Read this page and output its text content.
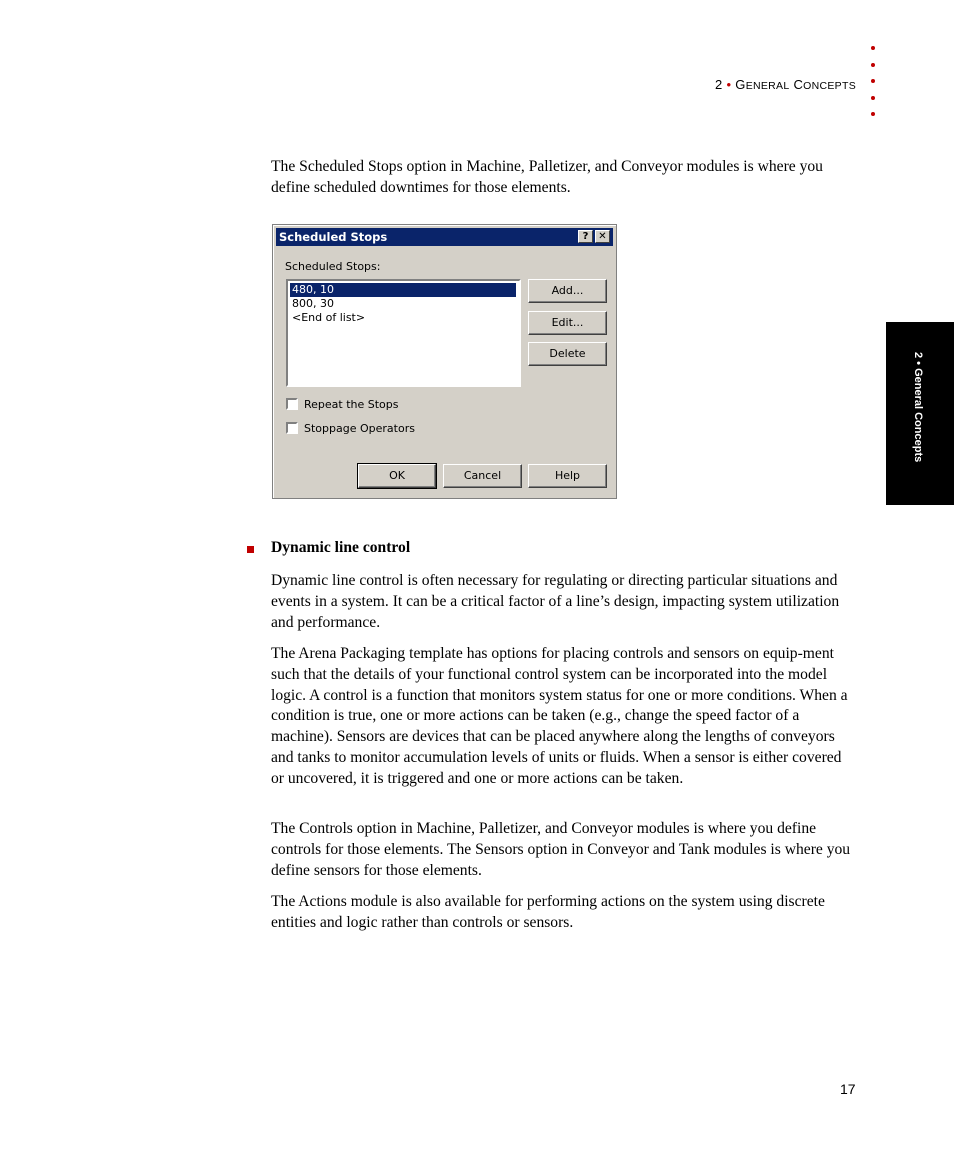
2 • GENERAL CONCEPTS
2 • General Concepts
The Scheduled Stops option in Machine, Palletizer, and Conveyor modules is where you define scheduled downtimes for those elements.
Scheduled Stops	? ✕
Scheduled Stops:
480, 10
800, 30
<End of list>
Add...
Edit...
Delete
Repeat the Stops
Stoppage Operators
OK	Cancel	Help
Dynamic line control
Dynamic line control is often necessary for regulating or directing particular situations and events in a system. It can be a critical factor of a line’s design, impacting system utilization and performance.
The Arena Packaging template has options for placing controls and sensors on equip-ment such that the details of your functional control system can be incorporated into the model logic. A control is a function that monitors system status for one or more conditions. When a condition is true, one or more actions can be taken (e.g., change the speed factor of a machine). Sensors are devices that can be placed anywhere along the lengths of conveyors and tanks to monitor accumulation levels of units or fluids. When a sensor is either covered or uncovered, it is triggered and one or more actions can be taken.
The Controls option in Machine, Palletizer, and Conveyor modules is where you define controls for those elements. The Sensors option in Conveyor and Tank modules is where you define sensors for those elements.
The Actions module is also available for performing actions on the system using discrete entities and logic rather than controls or sensors.
17
